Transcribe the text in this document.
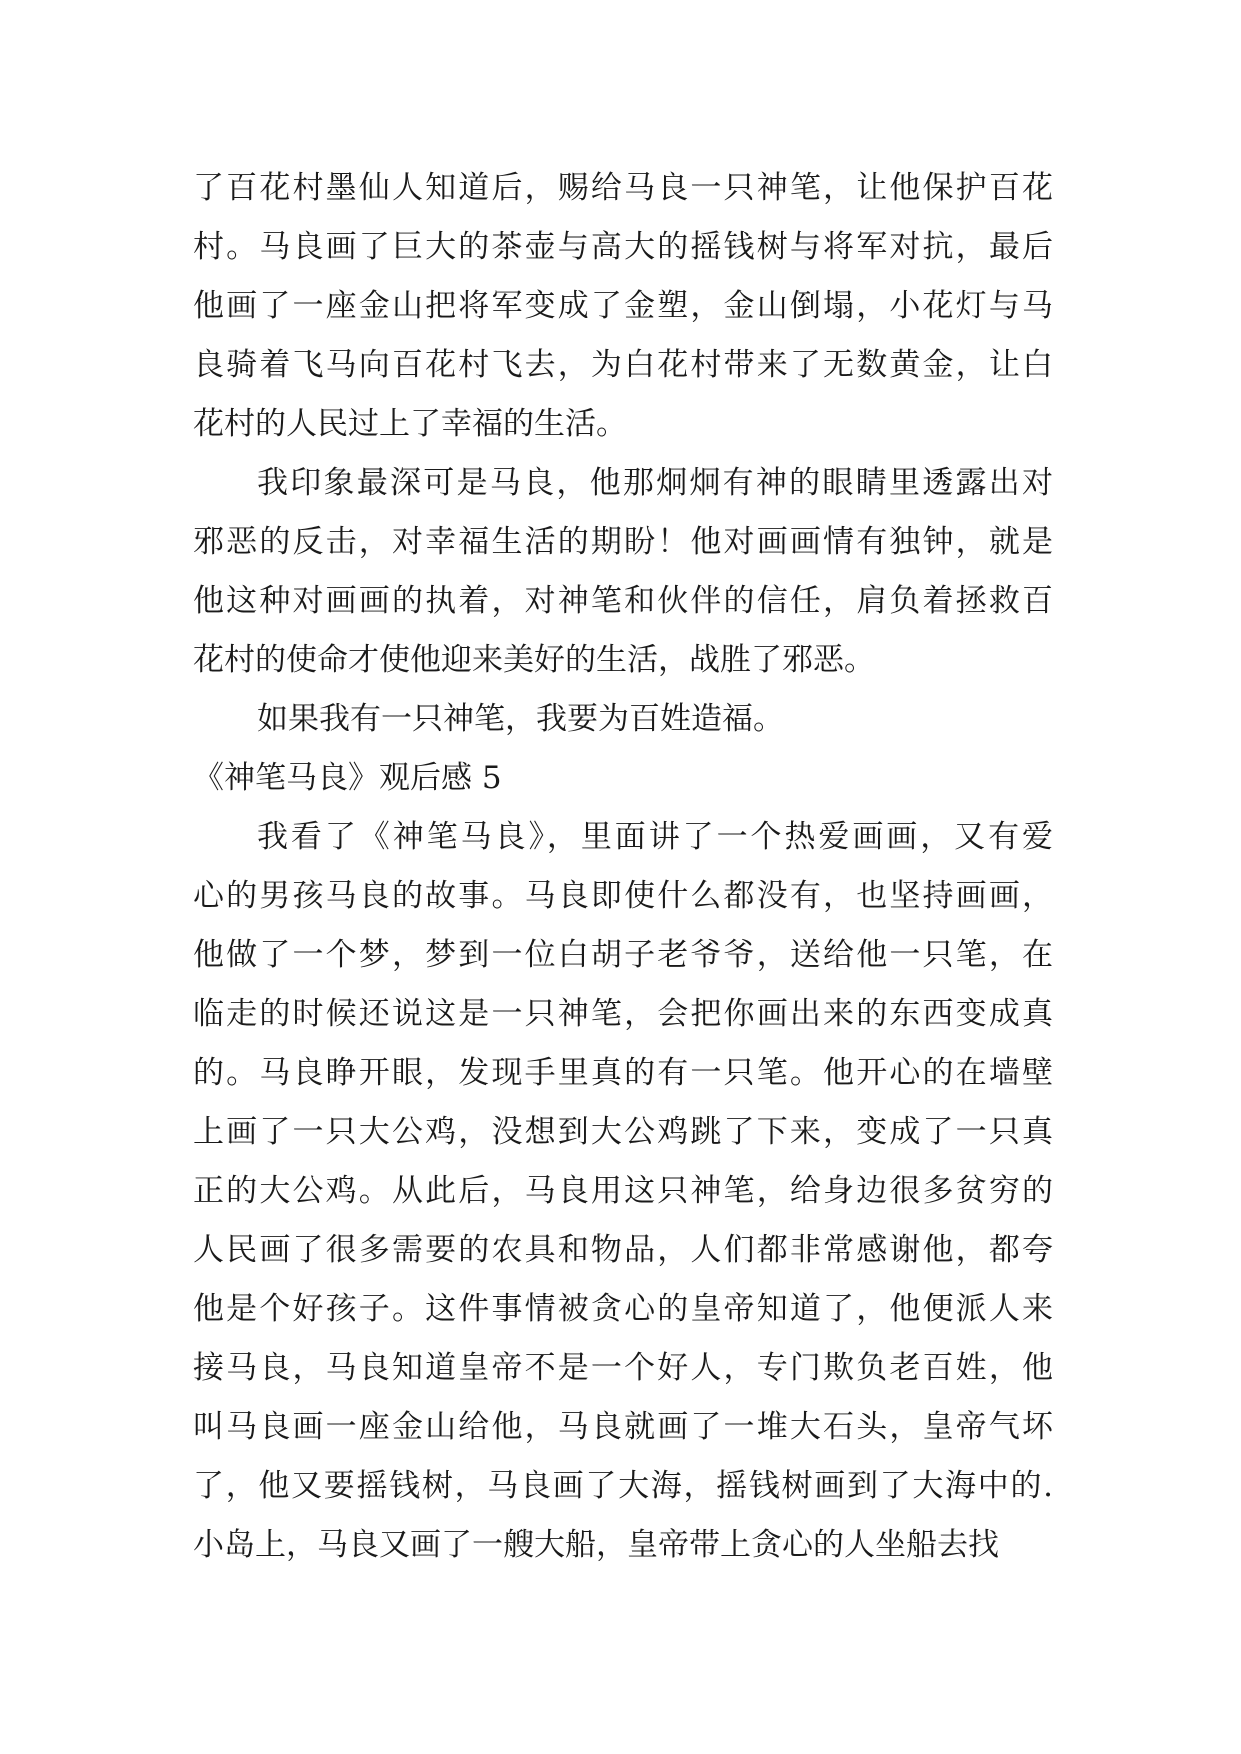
了百花村墨仙人知道后，赐给马良一只神笔，让他保护百花
村。马良画了巨大的茶壶与高大的摇钱树与将军对抗，最后
他画了一座金山把将军变成了金塑，金山倒塌，小花灯与马
良骑着飞马向百花村飞去，为白花村带来了无数黄金，让白
花村的人民过上了幸福的生活。
我印象最深可是马良，他那炯炯有神的眼睛里透露出对
邪恶的反击，对幸福生活的期盼！他对画画情有独钟，就是
他这种对画画的执着，对神笔和伙伴的信任，肩负着拯救百
花村的使命才使他迎来美好的生活，战胜了邪恶。
如果我有一只神笔，我要为百姓造福。
《神笔马良》观后感 5
我看了《神笔马良》，里面讲了一个热爱画画，又有爱
心的男孩马良的故事。马良即使什么都没有，也坚持画画，
他做了一个梦，梦到一位白胡子老爷爷，送给他一只笔，在
临走的时候还说这是一只神笔，会把你画出来的东西变成真
的。马良睁开眼，发现手里真的有一只笔。他开心的在墙壁
上画了一只大公鸡，没想到大公鸡跳了下来，变成了一只真
正的大公鸡。从此后，马良用这只神笔，给身边很多贫穷的
人民画了很多需要的农具和物品，人们都非常感谢他，都夸
他是个好孩子。这件事情被贪心的皇帝知道了，他便派人来
接马良，马良知道皇帝不是一个好人，专门欺负老百姓，他
叫马良画一座金山给他，马良就画了一堆大石头，皇帝气坏
了，他又要摇钱树，马良画了大海，摇钱树画到了大海中的.
小岛上，马良又画了一艘大船，皇帝带上贪心的人坐船去找
